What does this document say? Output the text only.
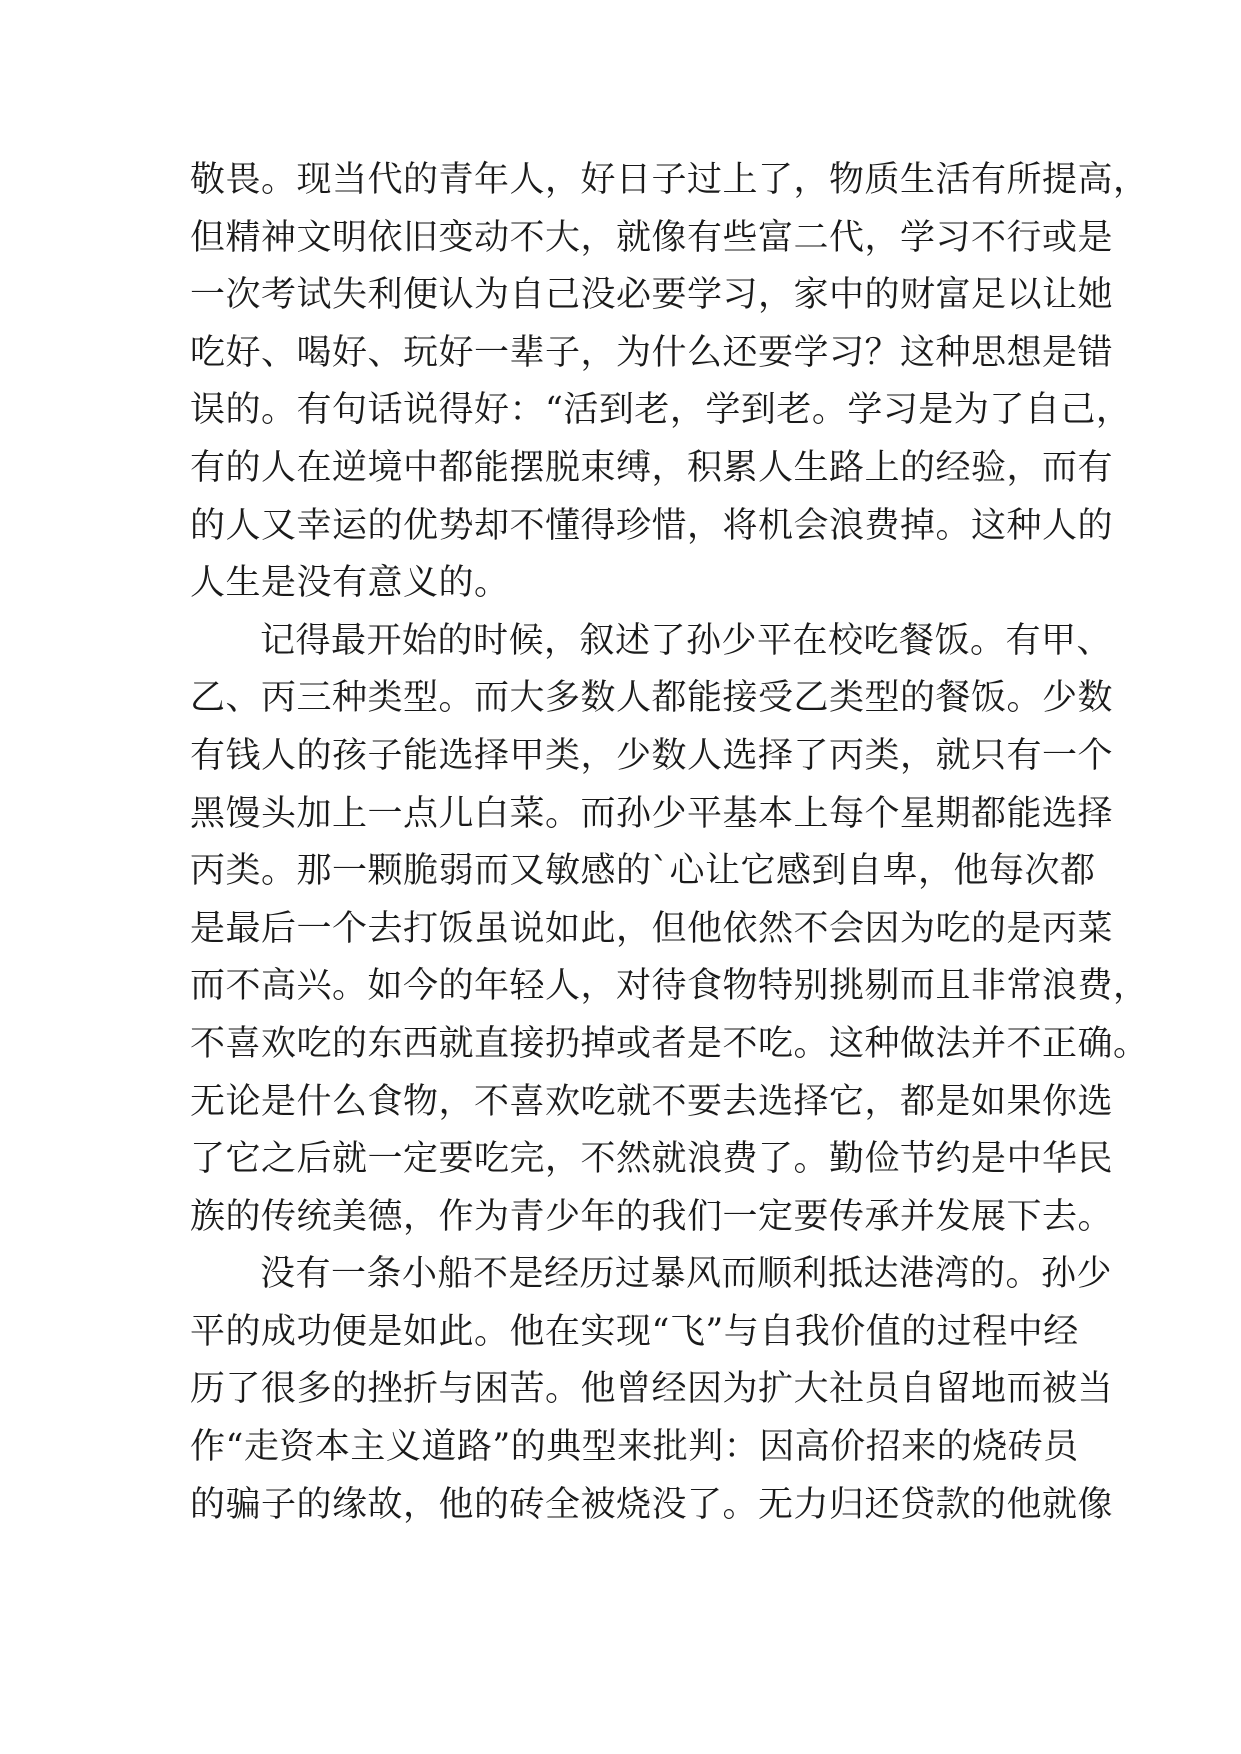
敬畏。现当代的青年人，好日子过上了，物质生活有所提高，
但精神文明依旧变动不大，就像有些富二代，学习不行或是
一次考试失利便认为自己没必要学习，家中的财富足以让她
吃好、喝好、玩好一辈子，为什么还要学习？这种思想是错
误的。有句话说得好：“活到老，学到老。学习是为了自己，
有的人在逆境中都能摆脱束缚，积累人生路上的经验，而有
的人又幸运的优势却不懂得珍惜，将机会浪费掉。这种人的
人生是没有意义的。
记得最开始的时候，叙述了孙少平在校吃餐饭。有甲、
乙、丙三种类型。而大多数人都能接受乙类型的餐饭。少数
有钱人的孩子能选择甲类，少数人选择了丙类，就只有一个
黑馒头加上一点儿白菜。而孙少平基本上每个星期都能选择
丙类。那一颗脆弱而又敏感的`心让它感到自卑，他每次都
是最后一个去打饭虽说如此，但他依然不会因为吃的是丙菜
而不高兴。如今的年轻人，对待食物特别挑剔而且非常浪费，
不喜欢吃的东西就直接扔掉或者是不吃。这种做法并不正确。
无论是什么食物，不喜欢吃就不要去选择它，都是如果你选
了它之后就一定要吃完，不然就浪费了。勤俭节约是中华民
族的传统美德，作为青少年的我们一定要传承并发展下去。
没有一条小船不是经历过暴风而顺利抵达港湾的。孙少
平的成功便是如此。他在实现“飞”与自我价值的过程中经
历了很多的挫折与困苦。他曾经因为扩大社员自留地而被当
作“走资本主义道路”的典型来批判：因高价招来的烧砖员
的骗子的缘故，他的砖全被烧没了。无力归还贷款的他就像
